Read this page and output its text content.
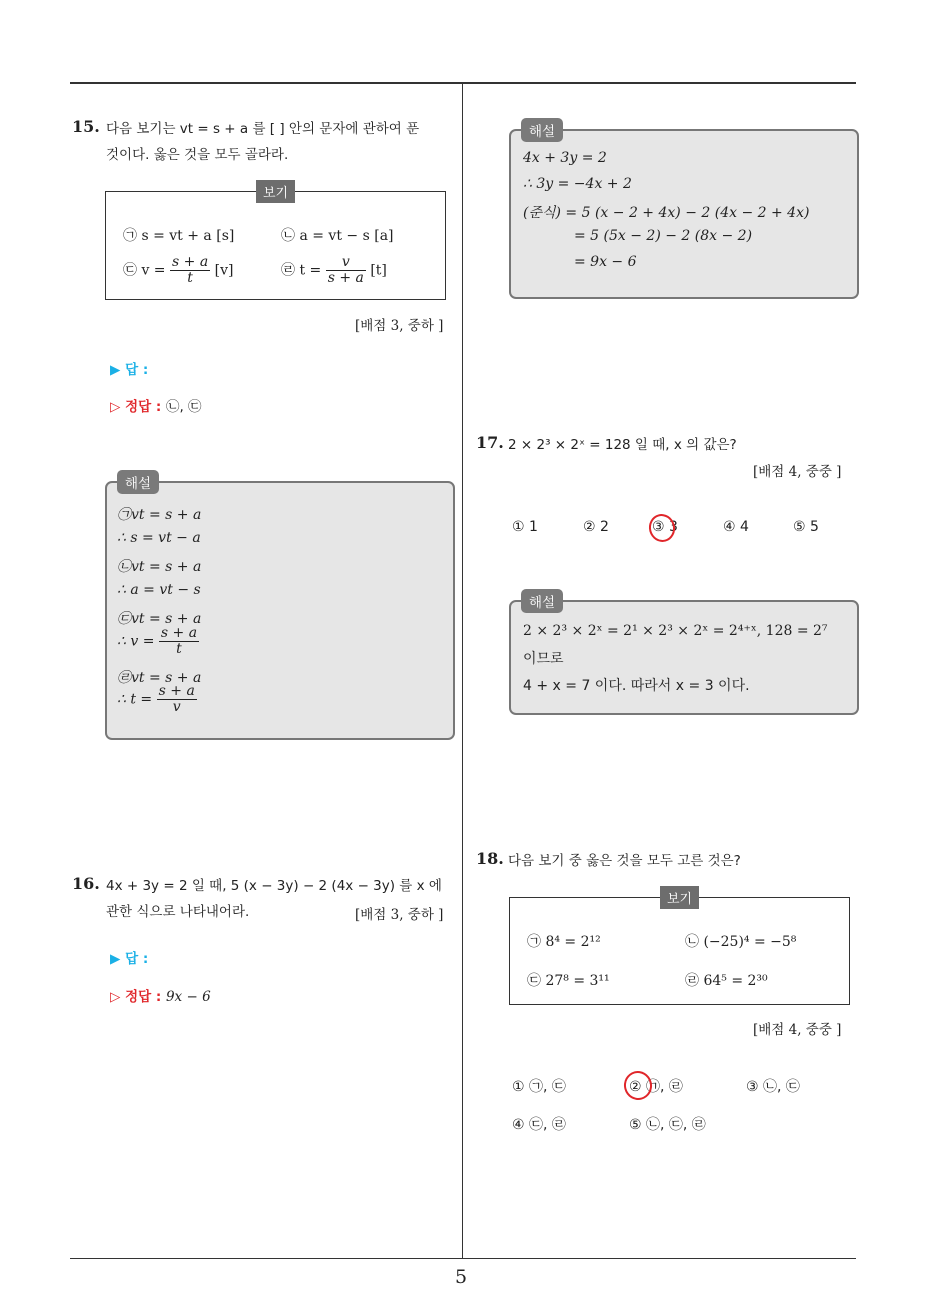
5
15. 다음 보기는 vt = s + a 를 [ ] 안의 문자에 관하여 푼
것이다. 옳은 것을 모두 골라라.
보기
㉠ s = vt + a [s]	㉡ a = vt − s [a]
㉢ $v = \frac{s + a}{t} [v]$	㉣ $t = \frac{v}{s + a} [t]$
[배점 3, 중하 ]
▶ 답 :
▷ 정답 : ㉡, ㉢
해설
㉠vt = s + a
∴ s = vt − a
㉡vt = s + a
∴ a = vt − s
㉢vt = s + a
∴ $v = \frac{s + a}{t}$
㉣vt = s + a
∴ $t = \frac{s + a}{v}$
16. 4x + 3y = 2 일 때, 5 (x − 3y) − 2 (4x − 3y) 를 x 에
관한 식으로 나타내어라.	[배점 3, 중하 ]
▶ 답 :
▷ 정답 : 9x − 6
해설
4x + 3y = 2
∴ 3y = −4x + 2
(준식) = 5 (x − 2 + 4x) − 2 (4x − 2 + 4x)
= 5 (5x − 2) − 2 (8x − 2)
= 9x − 6
17. 2 × 2³ × 2ˣ = 128 일 때, x 의 값은?
[배점 4, 중중 ]
① 1	② 2	③ 3	④ 4	⑤ 5
해설
2 × 2³ × 2ˣ = 2¹ × 2³ × 2ˣ = 2⁴⁺ˣ, 128 = 2⁷
이므로
4 + x = 7 이다. 따라서 x = 3 이다.
18. 다음 보기 중 옳은 것을 모두 고른 것은?
보기
㉠ 8⁴ = 2¹²	㉡ (−25)⁴ = −5⁸
㉢ 27⁸ = 3¹¹	㉣ 64⁵ = 2³⁰
[배점 4, 중중 ]
① ㉠, ㉢	② ㉠, ㉣	③ ㉡, ㉢
④ ㉢, ㉣	⑤ ㉡, ㉢, ㉣
